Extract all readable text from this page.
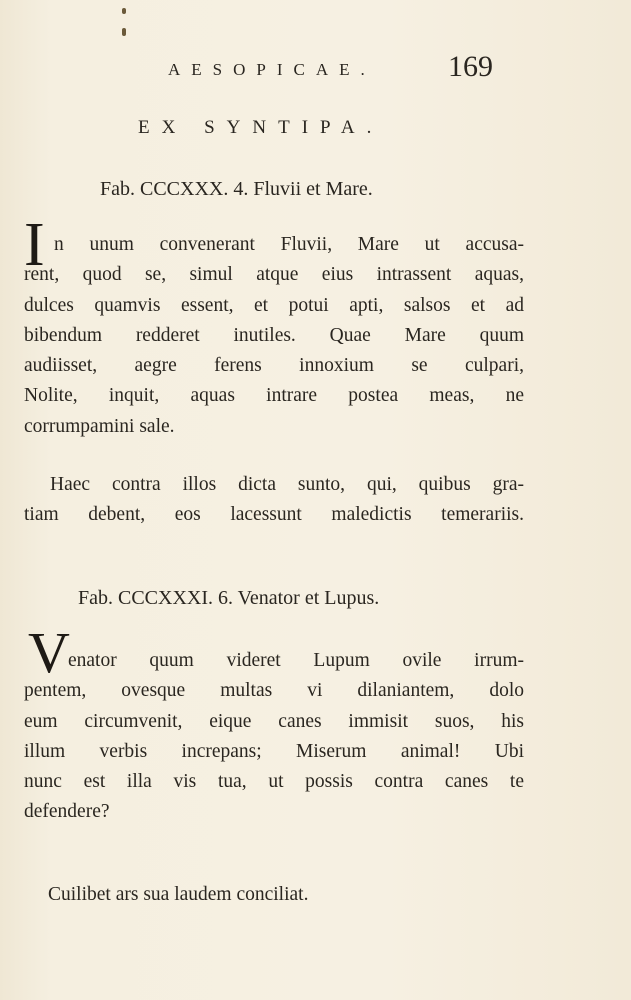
AESOPICAE. 169
EX SYNTIPA.
Fab. CCCXXX. 4. Fluvii et Mare.
I n unum convenerant Fluvii, Mare ut accusa-
rent, quod se, simul atque eius intrassent aquas,
dulces quamvis essent, et potui apti, salsos et ad
bibendum redderet inutiles. Quae Mare quum
audiisset, aegre ferens innoxium se culpari,
Nolite, inquit, aquas intrare postea meas, ne
corrumpamini sale.
Haec contra illos dicta sunto, qui, quibus gra-
tiam debent, eos lacessunt maledictis temerariis.
Fab. CCCXXXI. 6. Venator et Lupus.
V
enator quum videret Lupum ovile irrum-
pentem, ovesque multas vi dilaniantem, dolo
eum circumvenit, eique canes immisit suos, his
illum verbis increpans; Miserum animal! Ubi
nunc est illa vis tua, ut possis contra canes te
defendere?
Cuilibet ars sua laudem conciliat.
